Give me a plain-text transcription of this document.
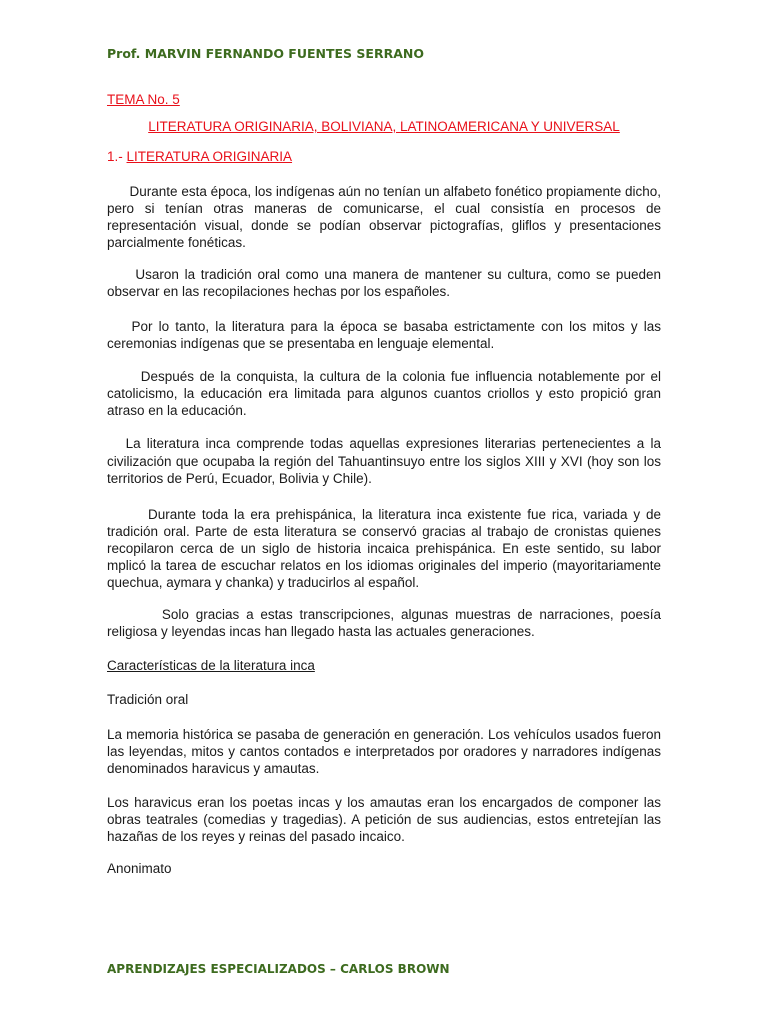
Prof. MARVIN FERNANDO FUENTES SERRANO
TEMA No. 5
LITERATURA ORIGINARIA, BOLIVIANA, LATINOAMERICANA Y UNIVERSAL
1.- LITERATURA ORIGINARIA

Durante esta época, los indígenas aún no tenían un alfabeto fonético propiamente dicho, pero si tenían otras maneras de comunicarse, el cual consistía en procesos de representación visual, donde se podían observar pictografías, gliflos y presentaciones parcialmente fonéticas.

Usaron la tradición oral como una manera de mantener su cultura, como se pueden observar en las recopilaciones hechas por los españoles.

Por lo tanto, la literatura para la época se basaba estrictamente con los mitos y las ceremonias indígenas que se presentaba en lenguaje elemental.

Después de la conquista, la cultura de la colonia fue influencia notablemente por el catolicismo, la educación era limitada para algunos cuantos criollos y esto propició gran atraso en la educación.

La literatura inca comprende todas aquellas expresiones literarias pertenecientes a la civilización que ocupaba la región del Tahuantinsuyo entre los siglos XIII y XVI (hoy son los territorios de Perú, Ecuador, Bolivia y Chile).

Durante toda la era prehispánica, la literatura inca existente fue rica, variada y de tradición oral. Parte de esta literatura se conservó gracias al trabajo de cronistas quienes recopilaron cerca de un siglo de historia incaica prehispánica. En este sentido, su labor mplicó la tarea de escuchar relatos en los idiomas originales del imperio (mayoritariamente quechua, aymara y chanka) y traducirlos al español.

Solo gracias a estas transcripciones, algunas muestras de narraciones, poesía religiosa y leyendas incas han llegado hasta las actuales generaciones.

Características de la literatura inca
Tradición oral

La memoria histórica se pasaba de generación en generación. Los vehículos usados fueron las leyendas, mitos y cantos contados e interpretados por oradores y narradores indígenas denominados haravicus y amautas.

Los haravicus eran los poetas incas y los amautas eran los encargados de componer las obras teatrales (comedias y tragedias). A petición de sus audiencias, estos entretejían las hazañas de los reyes y reinas del pasado incaico.

Anonimato
APRENDIZAJES ESPECIALIZADOS – CARLOS BROWN
